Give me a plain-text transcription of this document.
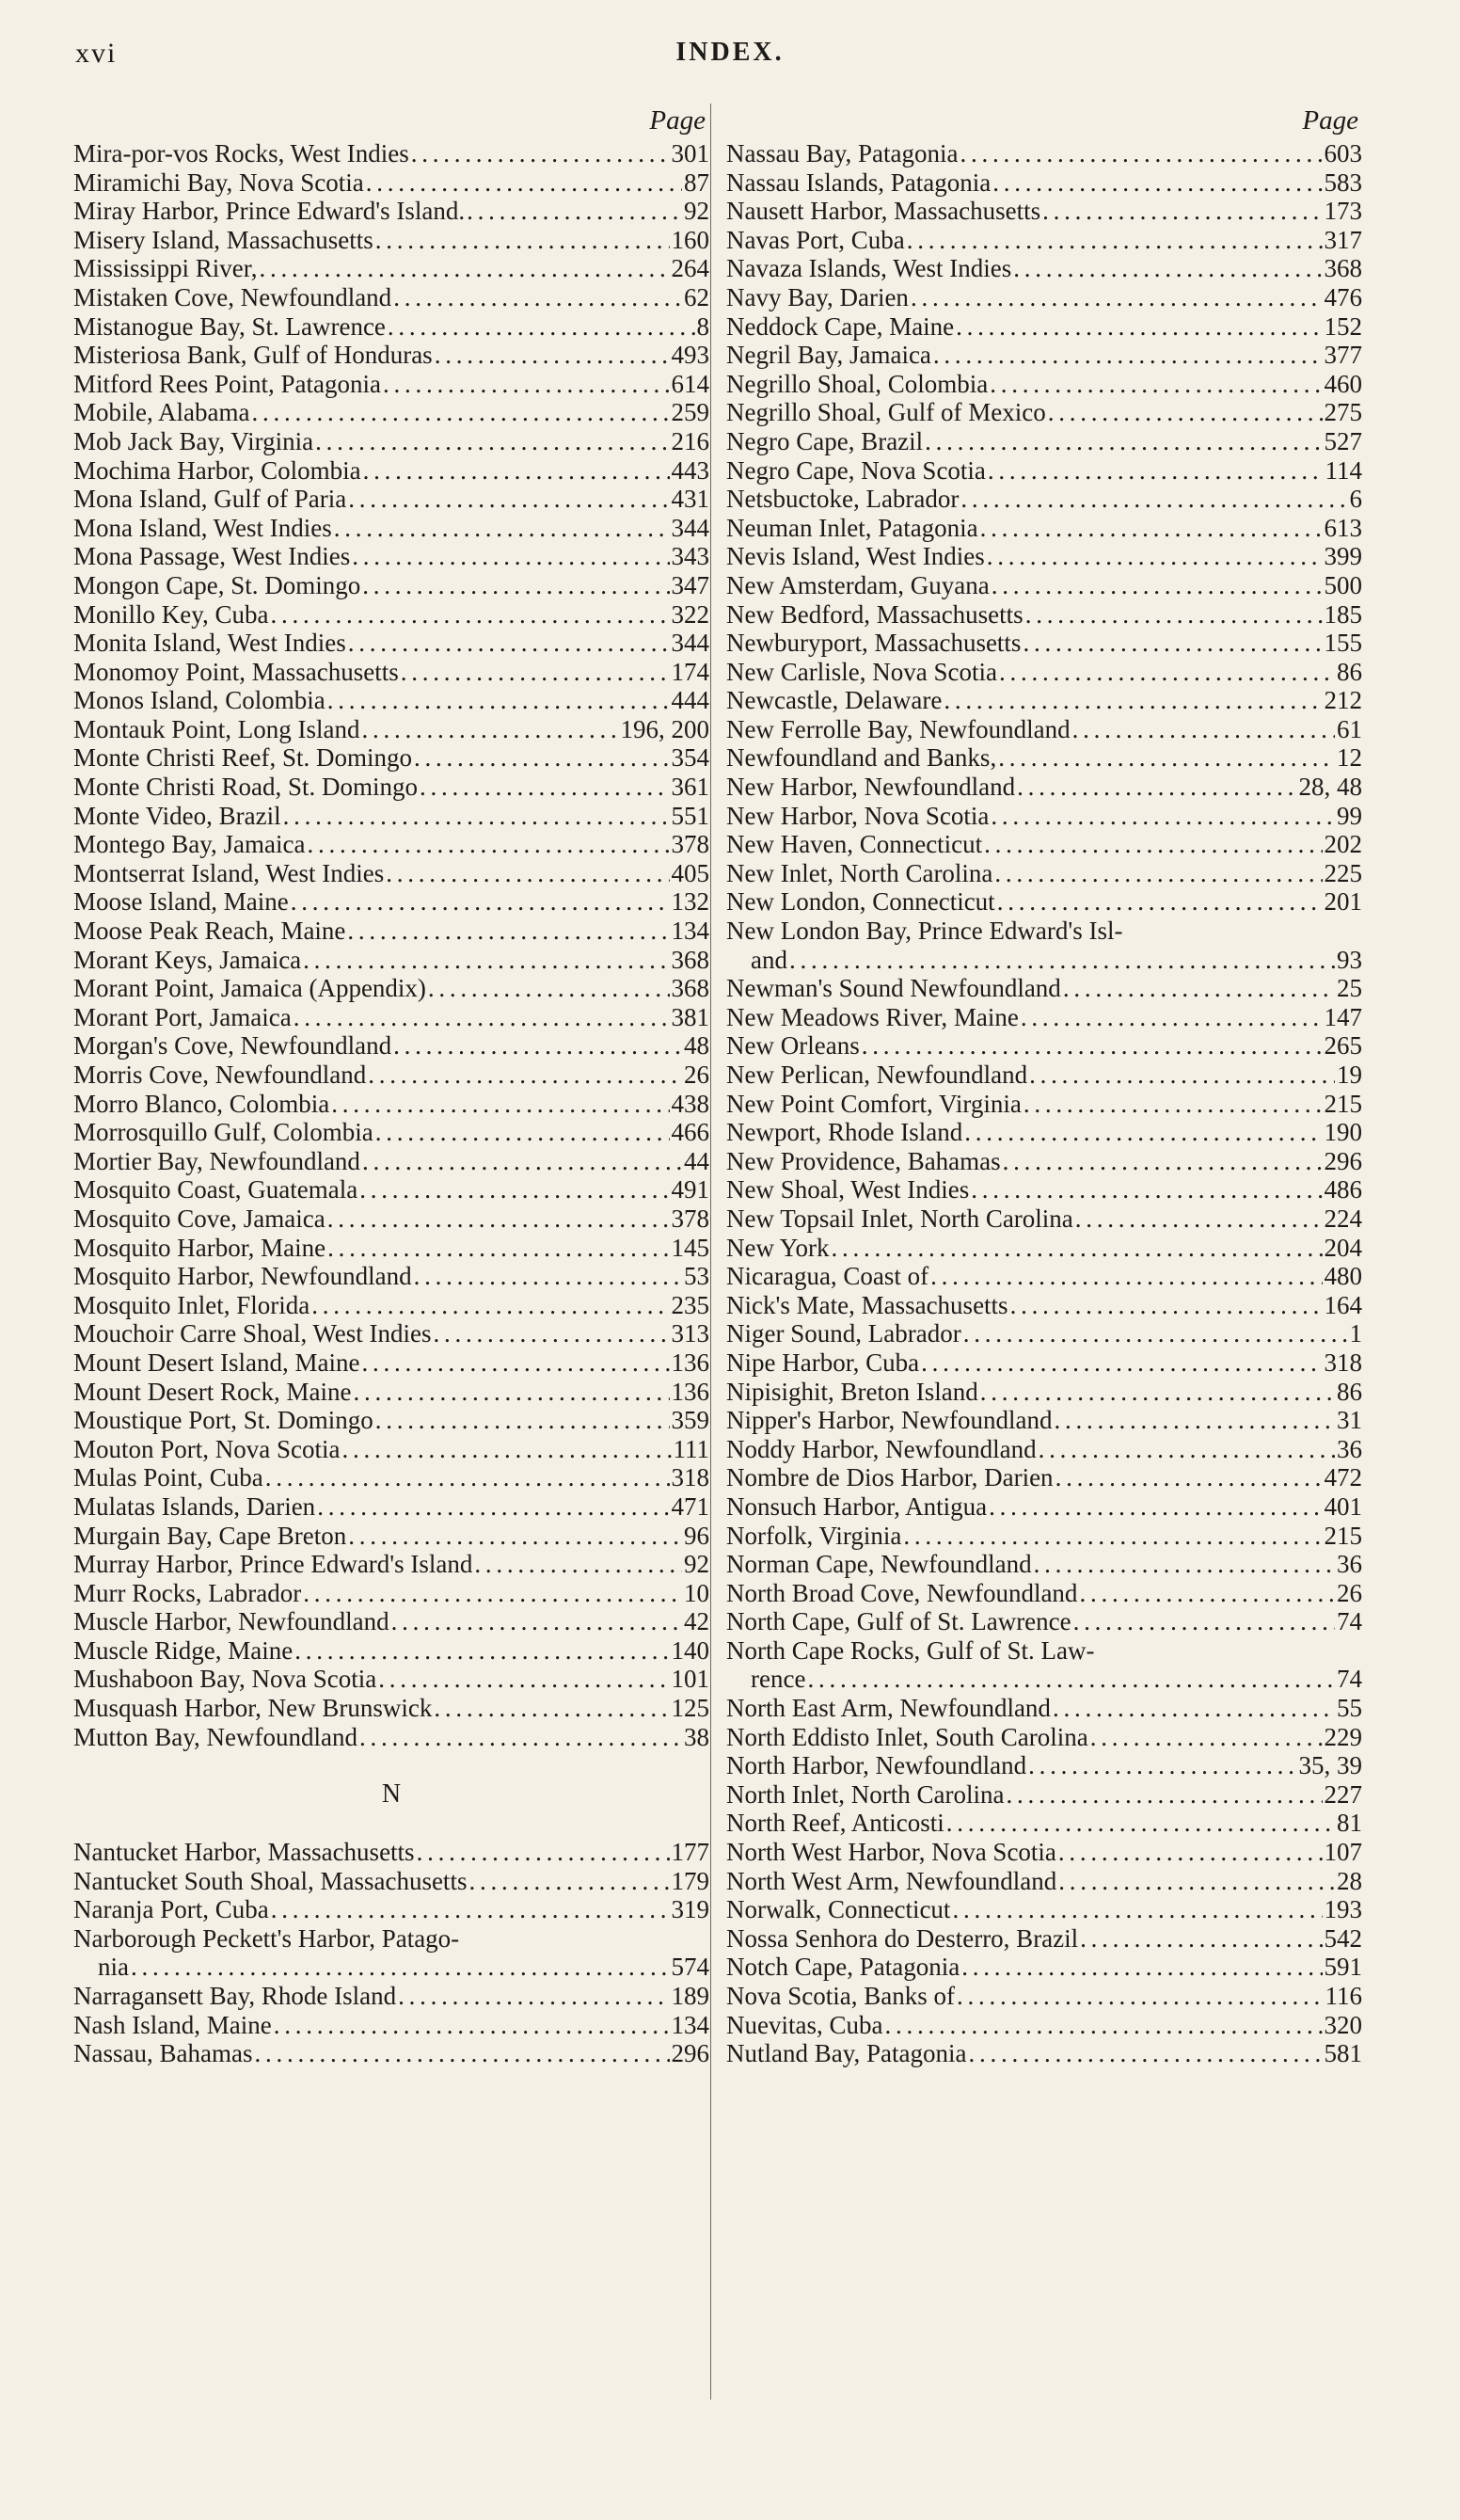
xvi	INDEX.
Page
Mira-por-vos Rocks, West Indies . . .	301
Miramichi Bay, Nova Scotia . . .	87
Miray Harbor, Prince Edward's Island. . . .	92
Misery Island, Massachusetts . . .	160
Mississippi River, . . .	264
Mistaken Cove, Newfoundland . . .	62
Mistanogue Bay, St. Lawrence . . .	8
Misteriosa Bank, Gulf of Honduras . . .	493
Mitford Rees Point, Patagonia . . .	614
Mobile, Alabama . . .	259
Mob Jack Bay, Virginia . . .	216
Mochima Harbor, Colombia . . .	443
Mona Island, Gulf of Paria . . .	431
Mona Island, West Indies . . .	344
Mona Passage, West Indies . . .	343
Mongon Cape, St. Domingo . . .	347
Monillo Key, Cuba . . .	322
Monita Island, West Indies . . .	344
Monomoy Point, Massachusetts . . .	174
Monos Island, Colombia . . .	444
Montauk Point, Long Island . . .	196, 200
Monte Christi Reef, St. Domingo . . .	354
Monte Christi Road, St. Domingo . . .	361
Monte Video, Brazil . . .	551
Montego Bay, Jamaica . . .	378
Montserrat Island, West Indies . . .	405
Moose Island, Maine . . .	132
Moose Peak Reach, Maine . . .	134
Morant Keys, Jamaica . . .	368
Morant Point, Jamaica (Appendix) . . .	368
Morant Port, Jamaica . . .	381
Morgan's Cove, Newfoundland . . .	48
Morris Cove, Newfoundland . . .	26
Morro Blanco, Colombia . . .	438
Morrosquillo Gulf, Colombia . . .	466
Mortier Bay, Newfoundland . . .	44
Mosquito Coast, Guatemala . . .	491
Mosquito Cove, Jamaica . . .	378
Mosquito Harbor, Maine . . .	145
Mosquito Harbor, Newfoundland . . .	53
Mosquito Inlet, Florida . . .	235
Mouchoir Carre Shoal, West Indies . . .	313
Mount Desert Island, Maine . . .	136
Mount Desert Rock, Maine . . .	136
Moustique Port, St. Domingo . . .	359
Mouton Port, Nova Scotia . . .	111
Mulas Point, Cuba . . .	318
Mulatas Islands, Darien . . .	471
Murgain Bay, Cape Breton . . .	96
Murray Harbor, Prince Edward's Island . . .	92
Murr Rocks, Labrador . . .	10
Muscle Harbor, Newfoundland . . .	42
Muscle Ridge, Maine . . .	140
Mushaboon Bay, Nova Scotia . . .	101
Musquash Harbor, New Brunswick . . .	125
Mutton Bay, Newfoundland . . .	38
N
Nantucket Harbor, Massachusetts . . .	177
Nantucket South Shoal, Massachusetts . . .	179
Naranja Port, Cuba . . .	319
Narborough Peckett's Harbor, Patago-
nia . . .	574
Narragansett Bay, Rhode Island . . .	189
Nash Island, Maine . . .	134
Nassau, Bahamas . . .	296
Page
Nassau Bay, Patagonia . . .	603
Nassau Islands, Patagonia . . .	583
Nausett Harbor, Massachusetts . . .	173
Navas Port, Cuba . . .	317
Navaza Islands, West Indies . . .	368
Navy Bay, Darien . . .	476
Neddock Cape, Maine . . .	152
Negril Bay, Jamaica . . .	377
Negrillo Shoal, Colombia . . .	460
Negrillo Shoal, Gulf of Mexico . . .	275
Negro Cape, Brazil . . .	527
Negro Cape, Nova Scotia . . .	114
Netsbuctoke, Labrador . . .	6
Neuman Inlet, Patagonia . . .	613
Nevis Island, West Indies . . .	399
New Amsterdam, Guyana . . .	500
New Bedford, Massachusetts . . .	185
Newburyport, Massachusetts . . .	155
New Carlisle, Nova Scotia . . .	86
Newcastle, Delaware . . .	212
New Ferrolle Bay, Newfoundland . . .	61
Newfoundland and Banks, . . .	12
New Harbor, Newfoundland . . .	28, 48
New Harbor, Nova Scotia . . .	99
New Haven, Connecticut . . .	202
New Inlet, North Carolina . . .	225
New London, Connecticut . . .	201
New London Bay, Prince Edward's Isl-
and . . .	93
Newman's Sound Newfoundland . . .	25
New Meadows River, Maine . . .	147
New Orleans . . .	265
New Perlican, Newfoundland . . .	19
New Point Comfort, Virginia . . .	215
Newport, Rhode Island . . .	190
New Providence, Bahamas . . .	296
New Shoal, West Indies . . .	486
New Topsail Inlet, North Carolina . . .	224
New York . . .	204
Nicaragua, Coast of . . .	480
Nick's Mate, Massachusetts . . .	164
Niger Sound, Labrador . . .	1
Nipe Harbor, Cuba . . .	318
Nipisighit, Breton Island . . .	86
Nipper's Harbor, Newfoundland . . .	31
Noddy Harbor, Newfoundland . . .	36
Nombre de Dios Harbor, Darien . . .	472
Nonsuch Harbor, Antigua . . .	401
Norfolk, Virginia . . .	215
Norman Cape, Newfoundland . . .	36
North Broad Cove, Newfoundland . . .	26
North Cape, Gulf of St. Lawrence . . .	74
North Cape Rocks, Gulf of St. Law-
rence . . .	74
North East Arm, Newfoundland . . .	55
North Eddisto Inlet, South Carolina . . .	229
North Harbor, Newfoundland . . .	35, 39
North Inlet, North Carolina . . .	227
North Reef, Anticosti . . .	81
North West Harbor, Nova Scotia . . .	107
North West Arm, Newfoundland . . .	28
Norwalk, Connecticut . . .	193
Nossa Senhora do Desterro, Brazil . . .	542
Notch Cape, Patagonia . . .	591
Nova Scotia, Banks of . . .	116
Nuevitas, Cuba . . .	320
Nutland Bay, Patagonia . . .	581
